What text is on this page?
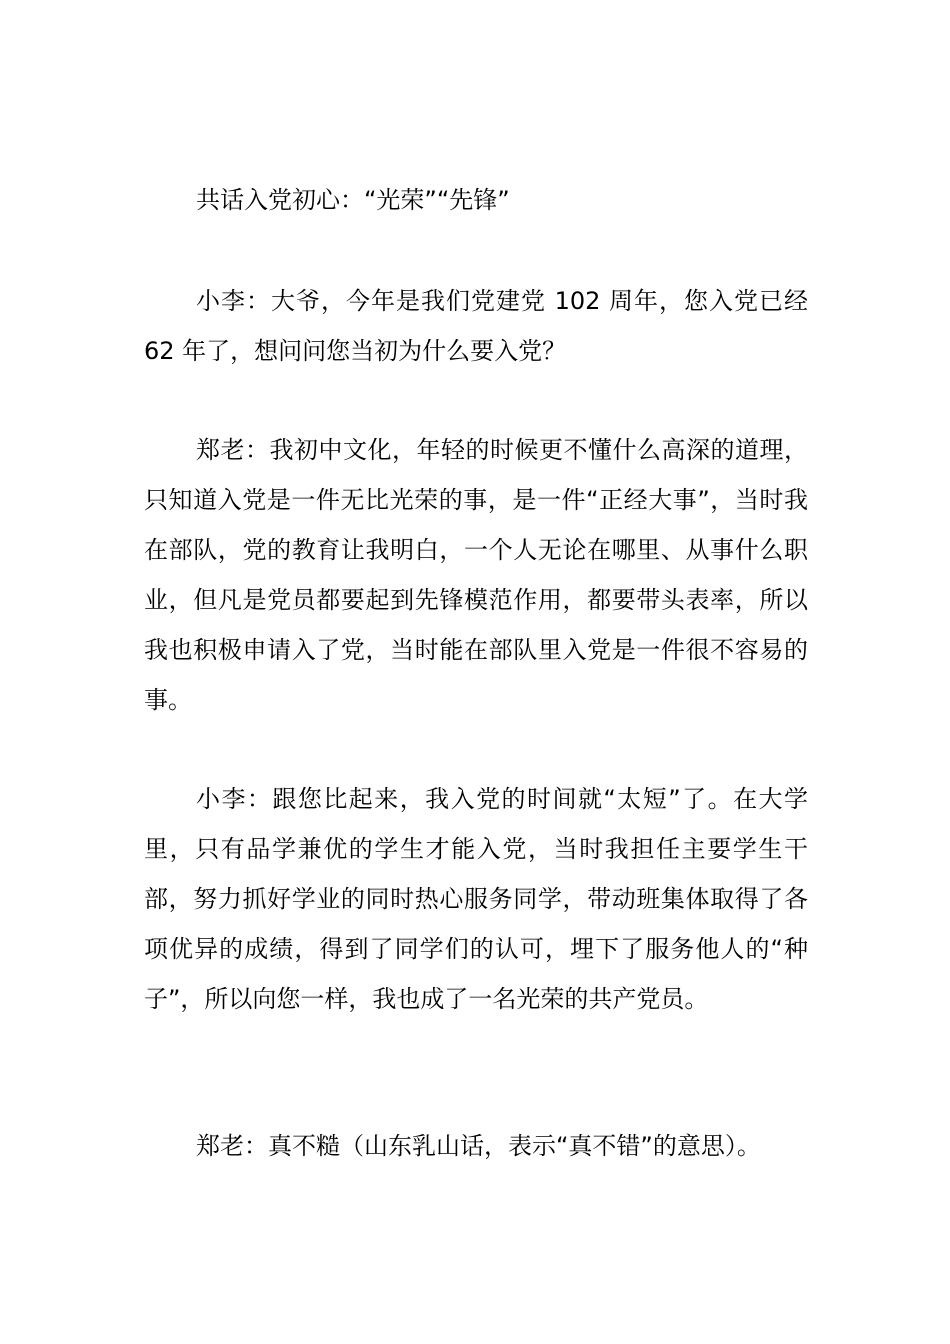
共话入党初心：“光荣”“先锋”

小李：大爷，今年是我们党建党 102 周年，您入党已经 62 年了，想问问您当初为什么要入党？

郑老：我初中文化，年轻的时候更不懂什么高深的道理，只知道入党是一件无比光荣的事，是一件“正经大事”，当时我在部队，党的教育让我明白，一个人无论在哪里、从事什么职业，但凡是党员都要起到先锋模范作用，都要带头表率，所以我也积极申请入了党，当时能在部队里入党是一件很不容易的事。

小李：跟您比起来，我入党的时间就“太短”了。在大学里，只有品学兼优的学生才能入党，当时我担任主要学生干部，努力抓好学业的同时热心服务同学，带动班集体取得了各项优异的成绩，得到了同学们的认可，埋下了服务他人的“种子”，所以向您一样，我也成了一名光荣的共产党员。

郑老：真不糙（山东乳山话，表示“真不错”的意思）。
